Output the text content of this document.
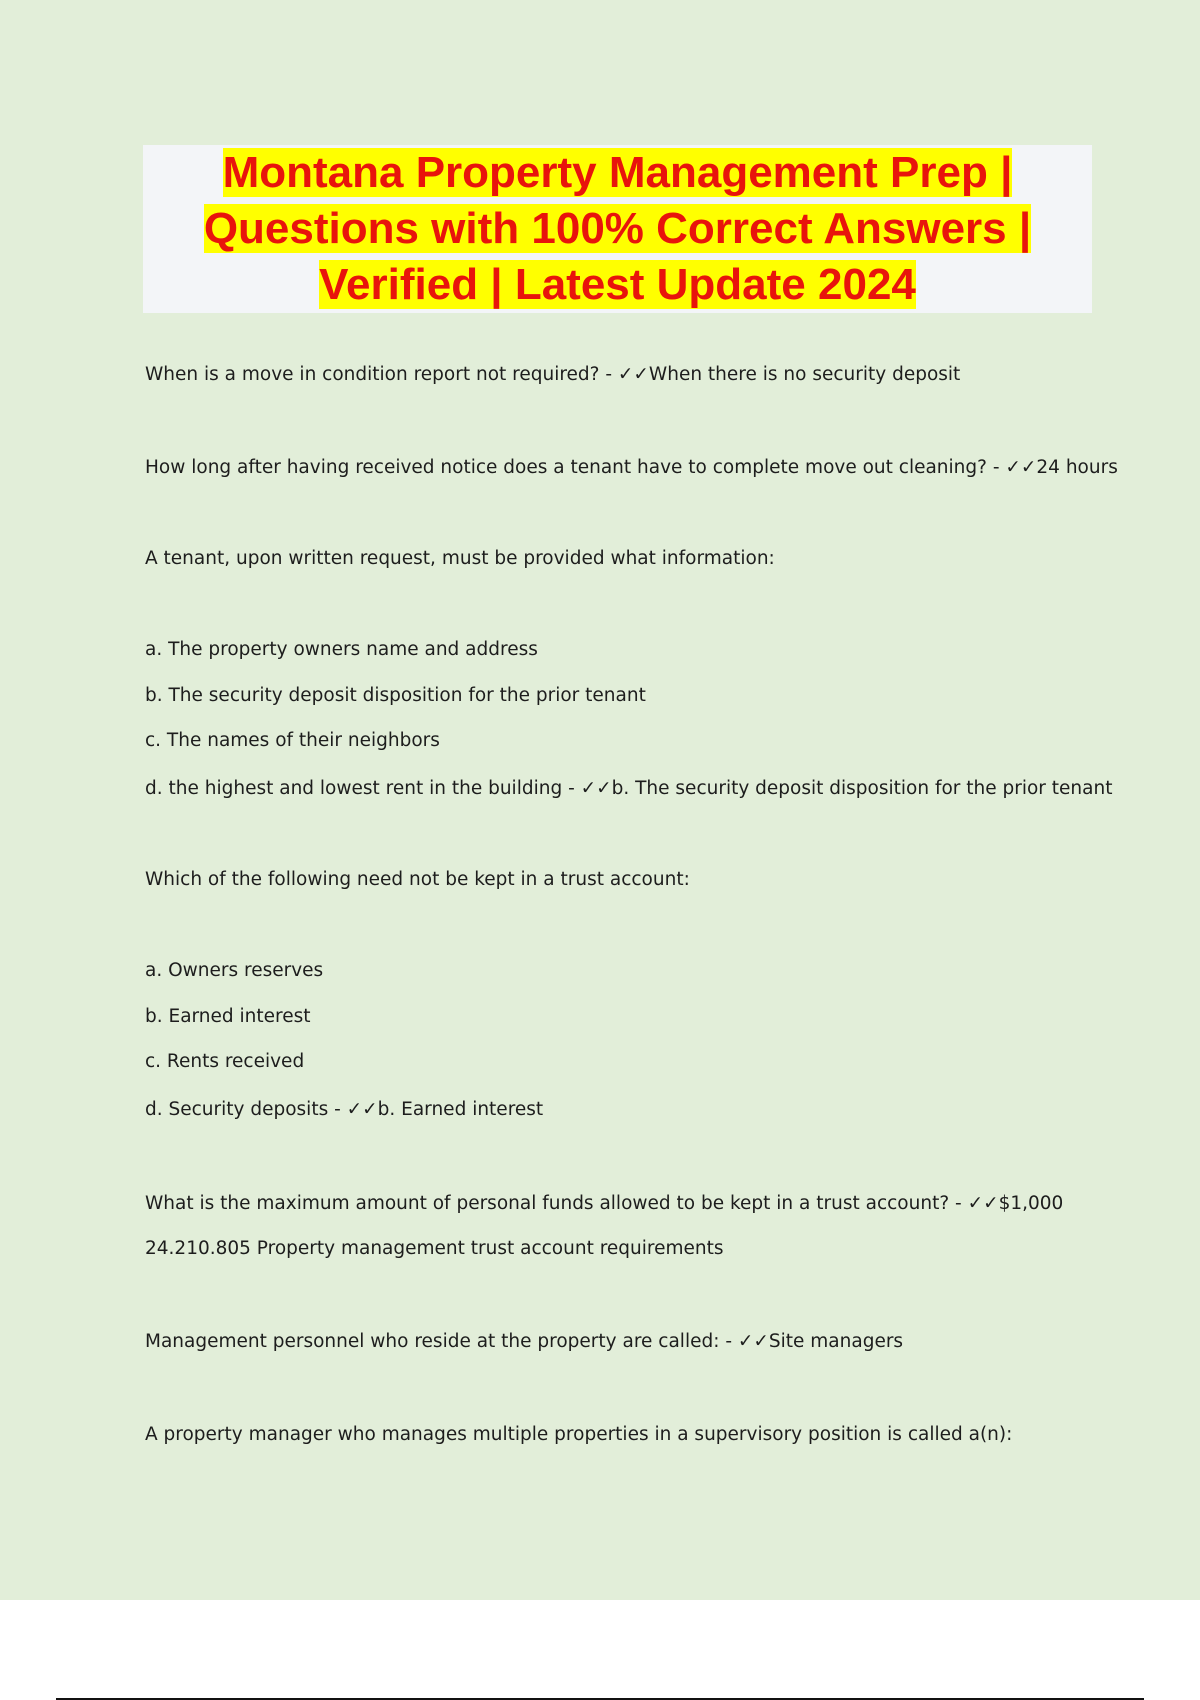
Montana Property Management Prep |
Questions with 100% Correct Answers |
Verified | Latest Update 2024
When is a move in condition report not required? - ✓✓When there is no security deposit
How long after having received notice does a tenant have to complete move out cleaning? - ✓✓24 hours
A tenant, upon written request, must be provided what information:
a. The property owners name and address
b. The security deposit disposition for the prior tenant
c. The names of their neighbors
d. the highest and lowest rent in the building - ✓✓b. The security deposit disposition for the prior tenant
Which of the following need not be kept in a trust account:
a. Owners reserves
b. Earned interest
c. Rents received
d. Security deposits - ✓✓b. Earned interest
What is the maximum amount of personal funds allowed to be kept in a trust account? - ✓✓$1,000
24.210.805 Property management trust account requirements
Management personnel who reside at the property are called: - ✓✓Site managers
A property manager who manages multiple properties in a supervisory position is called a(n):
